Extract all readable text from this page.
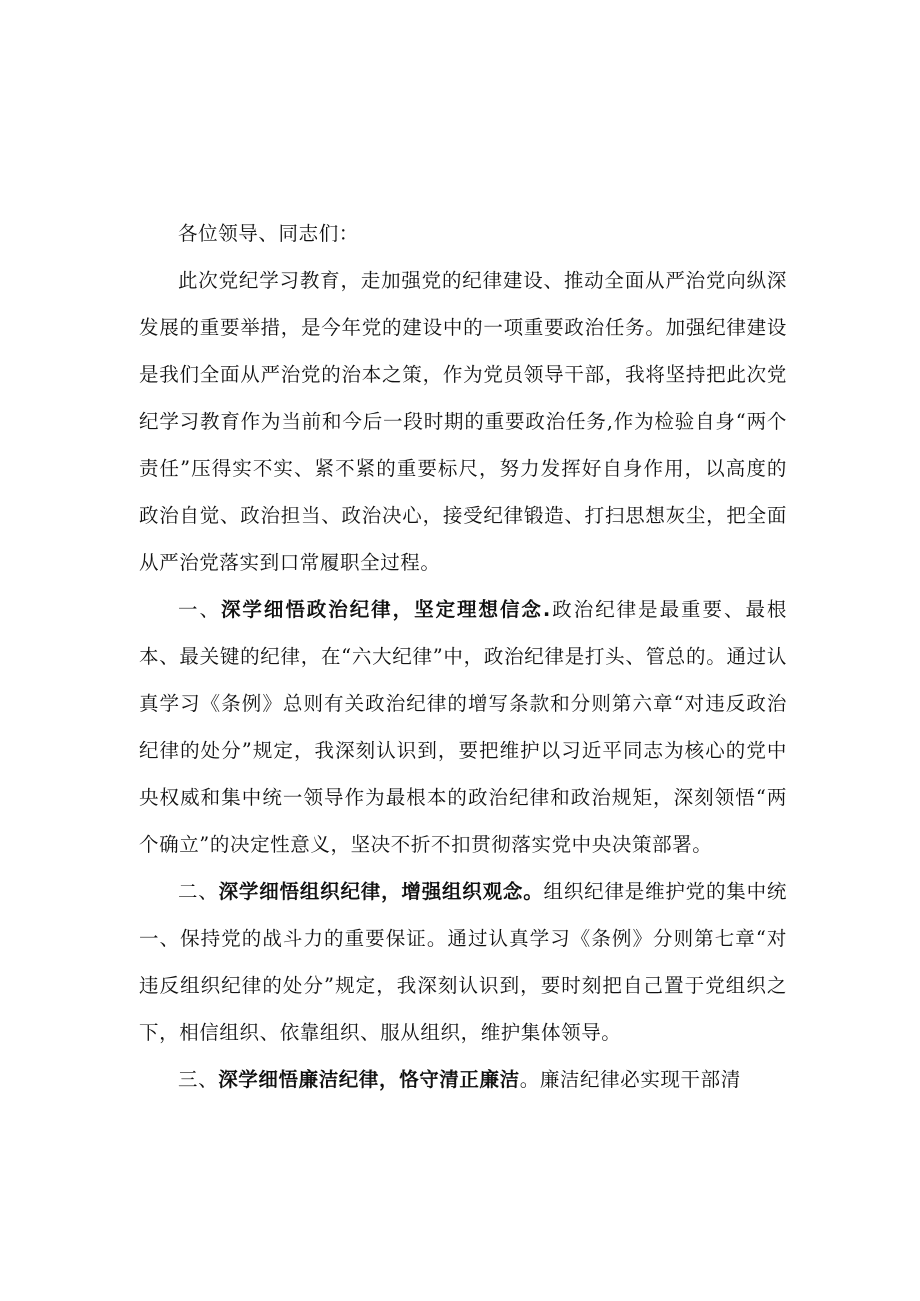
各位领导、同志们：

此次党纪学习教育，走加强党的纪律建设、推动全面从严治党向纵深发展的重要举措，是今年党的建设中的一项重要政治任务。加强纪律建设是我们全面从严治党的治本之策，作为党员领导干部，我将坚持把此次党纪学习教育作为当前和今后一段时期的重要政治任务,作为检验自身“两个责任”压得实不实、紧不紧的重要标尺，努力发挥好自身作用，以高度的政治自觉、政治担当、政治决心，接受纪律锻造、打扫思想灰尘，把全面从严治党落实到口常履职全过程。

一、深学细悟政治纪律，坚定理想信念.政治纪律是最重要、最根本、最关键的纪律，在“六大纪律”中，政治纪律是打头、管总的。通过认真学习《条例》总则有关政治纪律的增写条款和分则第六章“对违反政治纪律的处分”规定，我深刻认识到，要把维护以习近平同志为核心的党中央权威和集中统一领导作为最根本的政治纪律和政治规矩，深刻领悟“两个确立”的决定性意义，坚决不折不扣贯彻落实党中央决策部署。

二、深学细悟组织纪律，增强组织观念。组织纪律是维护党的集中统一、保持党的战斗力的重要保证。通过认真学习《条例》分则第七章“对违反组织纪律的处分”规定，我深刻认识到，要时刻把自己置于党组织之下，相信组织、依靠组织、服从组织，维护集体领导。

三、深学细悟廉洁纪律，恪守清正廉洁。廉洁纪律必实现干部清
